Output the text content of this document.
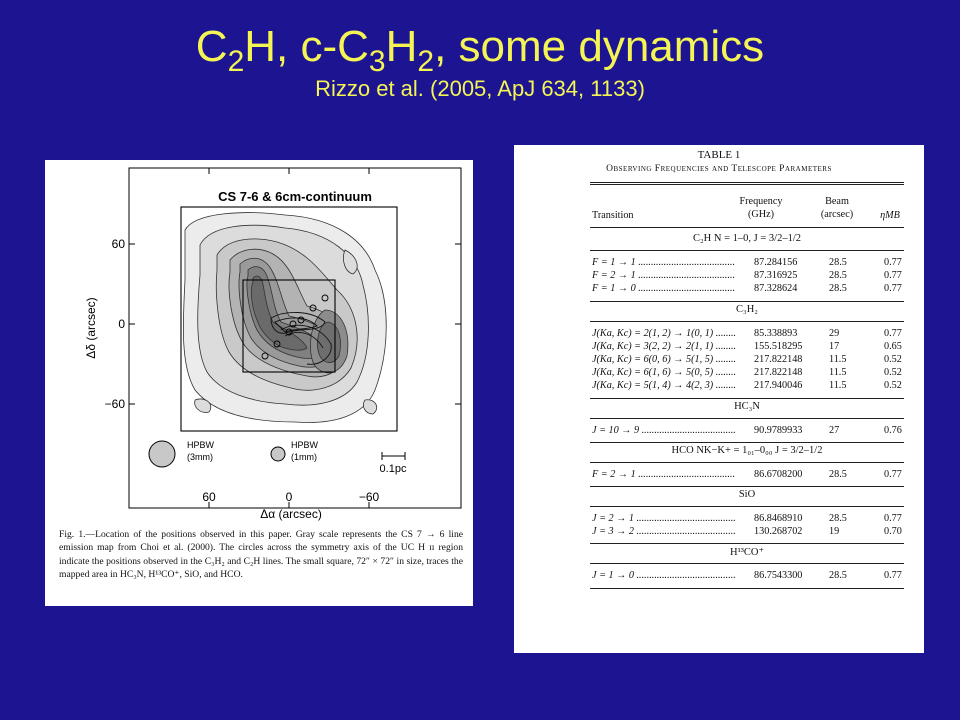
$C_2H$, $c-C_3H_2$, some dynamics
Rizzo et al. (2005, ApJ 634, 1133)
CS 7-6 & 6cm-continuum
60
0
−60
Δδ (arcsec)
60	0	−60
Δα (arcsec)
HPBW
(3mm)
HPBW
(1mm)
0.1pc
Fig. 1.—Location of the positions observed in this paper. Gray scale represents the CS 7 → 6 line emission map from Choi et al. (2000). The circles across the symmetry axis of the UC H ɪɪ region indicate the positions observed in the C₃H₂ and C₂H lines. The small square, 72″ × 72″ in size, traces the mapped area in HC₃N, H¹³CO⁺, SiO, and HCO.
TABLE 1
Observing Frequencies and Telescope Parameters
Transition
Frequency
(GHz)
Beam
(arcsec)	ηMB
C₂H N = 1–0, J = 3/2–1/2
F = 1 → 1 ...................................... 87.284156	28.5	0.77
F = 2 → 1 ...................................... 87.316925	28.5	0.77
F = 1 → 0 ...................................... 87.328624	28.5	0.77
C₃H₂
J(Ka, Kc) = 2(1, 2) → 1(0, 1) ........ 85.338893	29	0.77
J(Ka, Kc) = 3(2, 2) → 2(1, 1) ........ 155.518295	17	0.65
J(Ka, Kc) = 6(0, 6) → 5(1, 5) ........ 217.822148	11.5	0.52
J(Ka, Kc) = 6(1, 6) → 5(0, 5) ........ 217.822148	11.5	0.52
J(Ka, Kc) = 5(1, 4) → 4(2, 3) ........ 217.940046	11.5	0.52
HC₃N
J = 10 → 9 ..................................... 90.9789933	27	0.76
HCO NK−K+ = 1₀₁–0₀₀ J = 3/2–1/2
F = 2 → 1 ...................................... 86.6708200	28.5	0.77
SiO
J = 2 → 1 ....................................... 86.8468910	28.5	0.77
J = 3 → 2 ....................................... 130.268702	19	0.70
H¹³CO⁺
J = 1 → 0 ....................................... 86.7543300	28.5	0.77
